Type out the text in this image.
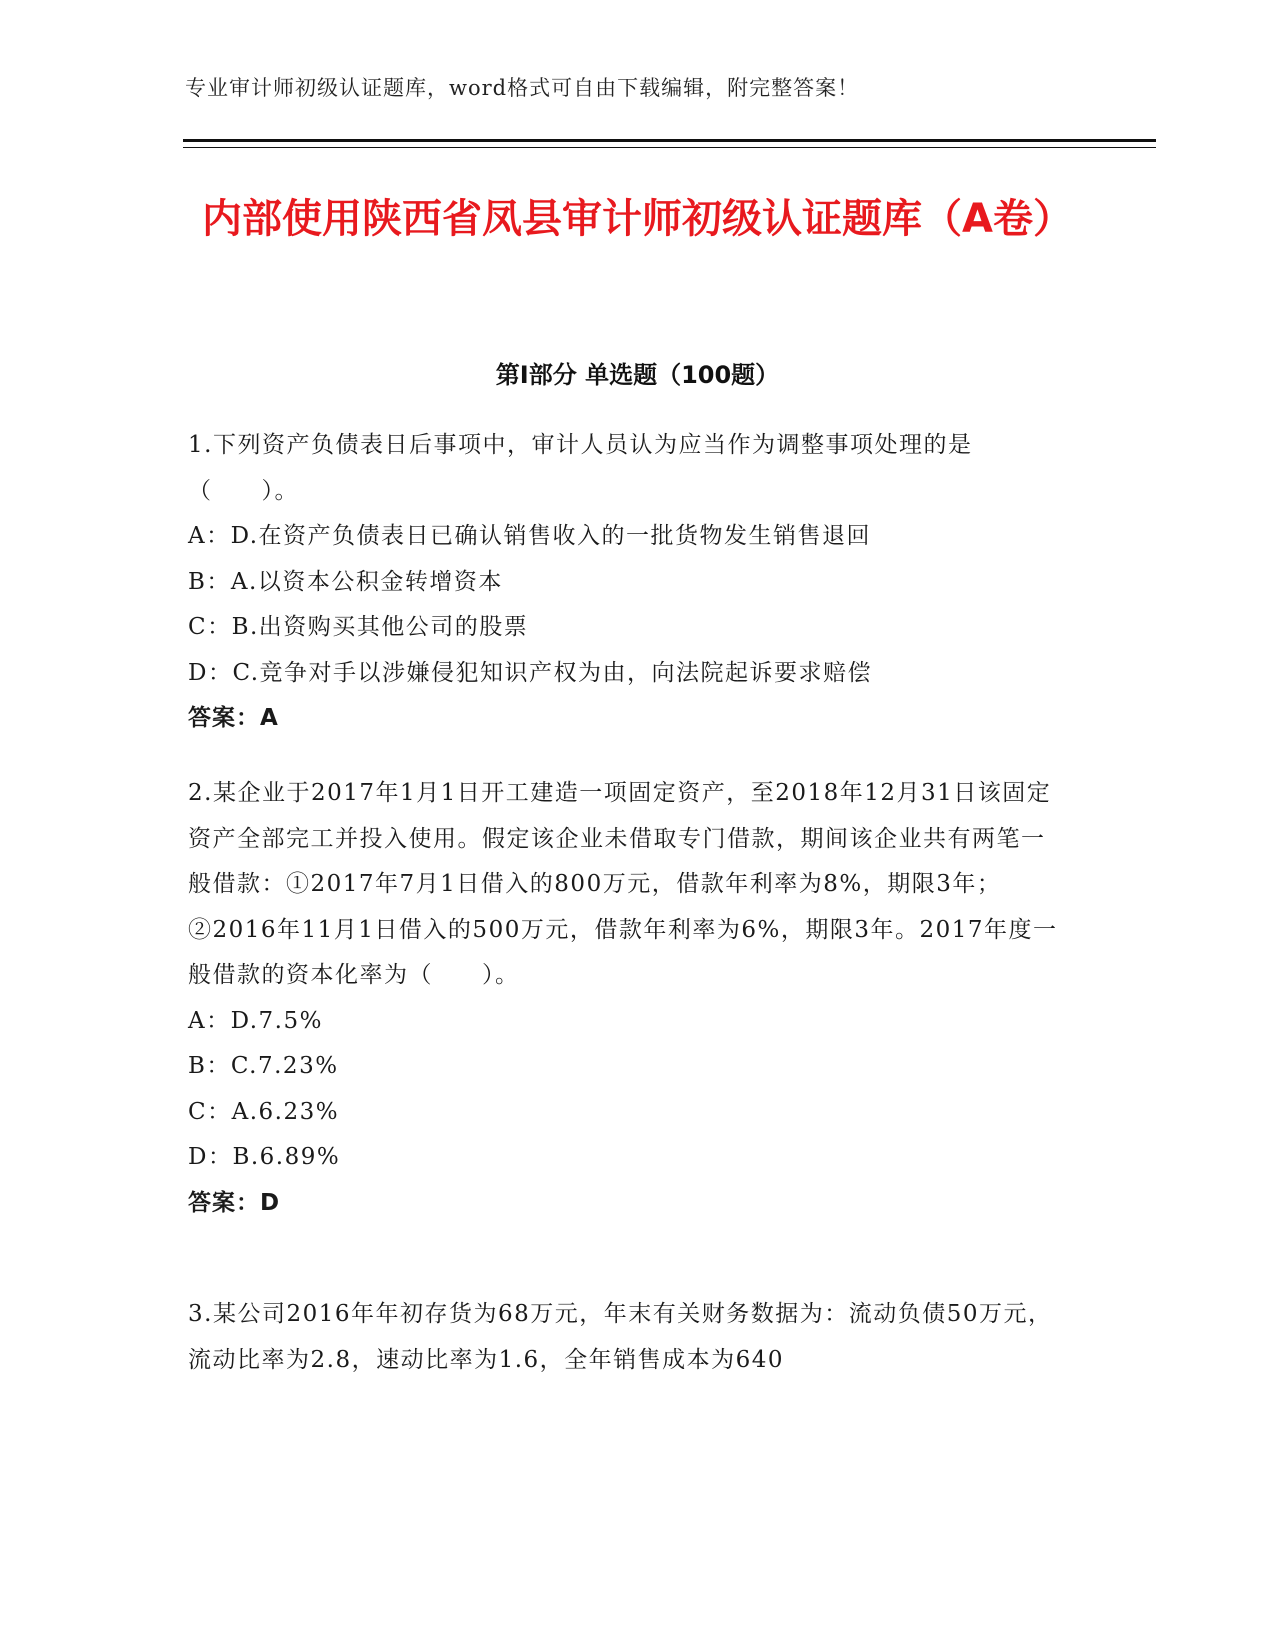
专业审计师初级认证题库，word格式可自由下载编辑，附完整答案！
内部使用陕西省凤县审计师初级认证题库（A卷）
第I部分 单选题（100题）

1.下列资产负债表日后事项中，审计人员认为应当作为调整事项处理的是（　　）。

A：D.在资产负债表日已确认销售收入的一批货物发生销售退回

B：A.以资本公积金转增资本

C：B.出资购买其他公司的股票

D：C.竞争对手以涉嫌侵犯知识产权为由，向法院起诉要求赔偿

答案：A

2.某企业于2017年1月1日开工建造一项固定资产，至2018年12月31日该固定资产全部完工并投入使用。假定该企业未借取专门借款，期间该企业共有两笔一般借款：①2017年7月1日借入的800万元，借款年利率为8%，期限3年；②2016年11月1日借入的500万元，借款年利率为6%，期限3年。2017年度一般借款的资本化率为（　　）。

A：D.7.5%

B：C.7.23%

C：A.6.23%

D：B.6.89%

答案：D

3.某公司2016年年初存货为68万元，年末有关财务数据为：流动负债50万元，流动比率为2.8，速动比率为1.6，全年销售成本为640
